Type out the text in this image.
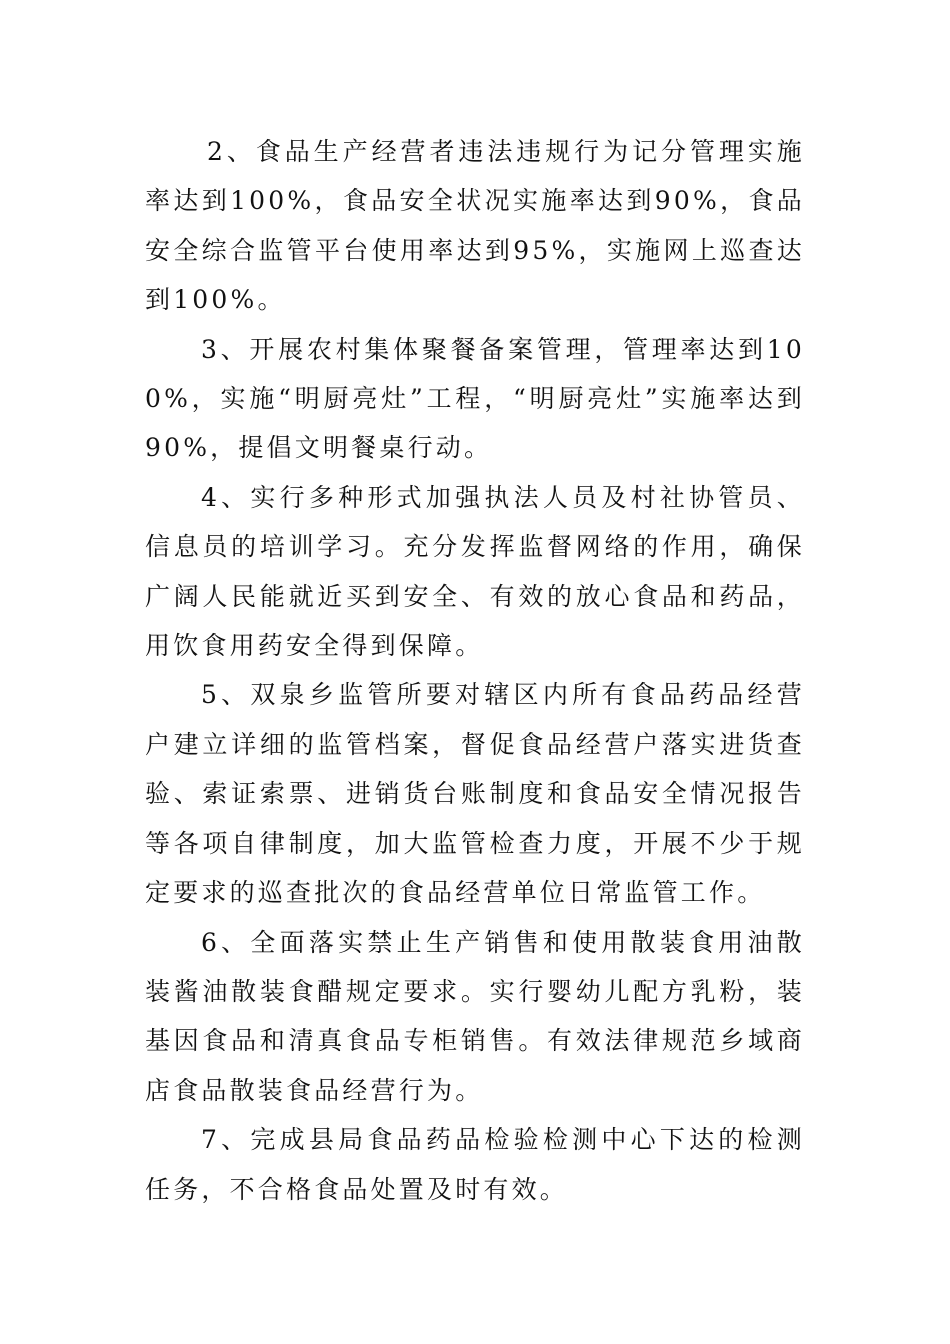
2、食品生产经营者违法违规行为记分管理实施率达到100%，食品安全状况实施率达到90%，食品安全综合监管平台使用率达到95%，实施网上巡查达到100%。

3、开展农村集体聚餐备案管理，管理率达到100%，实施“明厨亮灶”工程，“明厨亮灶”实施率达到90%，提倡文明餐桌行动。

4、实行多种形式加强执法人员及村社协管员、信息员的培训学习。充分发挥监督网络的作用，确保广阔人民能就近买到安全、有效的放心食品和药品，用饮食用药安全得到保障。

5、双泉乡监管所要对辖区内所有食品药品经营户建立详细的监管档案，督促食品经营户落实进货查验、索证索票、进销货台账制度和食品安全情况报告等各项自律制度，加大监管检查力度，开展不少于规定要求的巡查批次的食品经营单位日常监管工作。

6、全面落实禁止生产销售和使用散装食用油散装酱油散装食醋规定要求。实行婴幼儿配方乳粉，装基因食品和清真食品专柜销售。有效法律规范乡域商店食品散装食品经营行为。

7、完成县局食品药品检验检测中心下达的检测任务，不合格食品处置及时有效。
